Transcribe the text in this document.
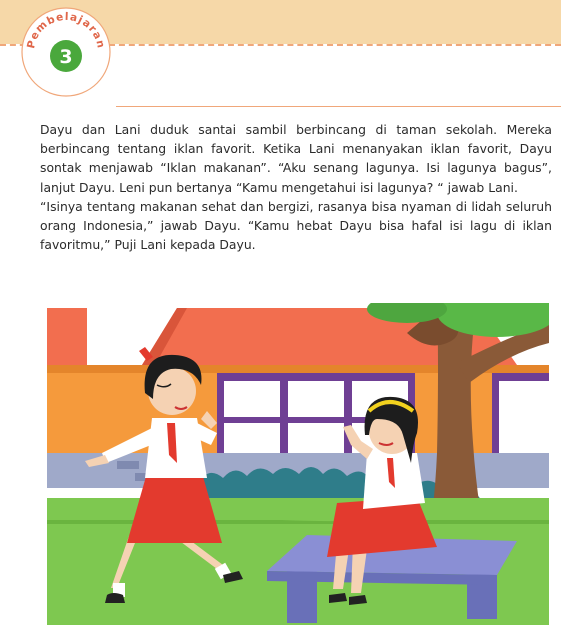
Pembelajaran
3

Dayu dan Lani duduk santai sambil berbincang di taman sekolah. Mereka berbincang tentang iklan favorit. Ketika Lani menanyakan iklan favorit, Dayu sontak menjawab “Iklan makanan”. “Aku senang lagunya. Isi lagunya bagus”, lanjut Dayu. Leni pun bertanya “Kamu mengetahui isi lagunya? “ jawab Lani.

“Isinya tentang makanan sehat dan bergizi, rasanya bisa nyaman di lidah seluruh orang Indonesia,” jawab Dayu. “Kamu hebat Dayu bisa hafal isi lagu di iklan favoritmu,” Puji Lani kepada Dayu.
